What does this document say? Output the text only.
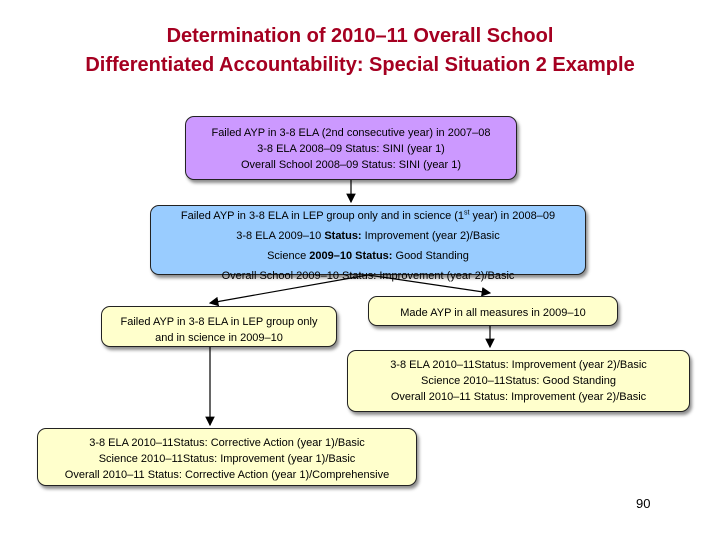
Determination of 2010–11 Overall School
Differentiated Accountability: Special Situation 2 Example
Failed AYP in 3-8 ELA (2nd consecutive year) in 2007–08
3-8 ELA 2008–09 Status: SINI (year 1)
Overall School 2008–09 Status: SINI (year 1)
Failed AYP in 3-8 ELA in LEP group only and in science (1st year) in 2008–09
3-8 ELA 2009–10 Status: Improvement (year 2)/Basic
Science 2009–10 Status: Good Standing
Overall School 2009–10 Status: Improvement (year 2)/Basic
Failed AYP in 3-8 ELA in LEP group only
and in science in 2009–10
Made AYP in all measures in 2009–10
3-8 ELA 2010–11Status: Improvement (year 2)/Basic
Science 2010–11Status: Good Standing
Overall 2010–11 Status: Improvement (year 2)/Basic
3-8 ELA 2010–11Status: Corrective Action (year 1)/Basic
Science 2010–11Status: Improvement (year 1)/Basic
Overall 2010–11 Status: Corrective Action (year 1)/Comprehensive
90
